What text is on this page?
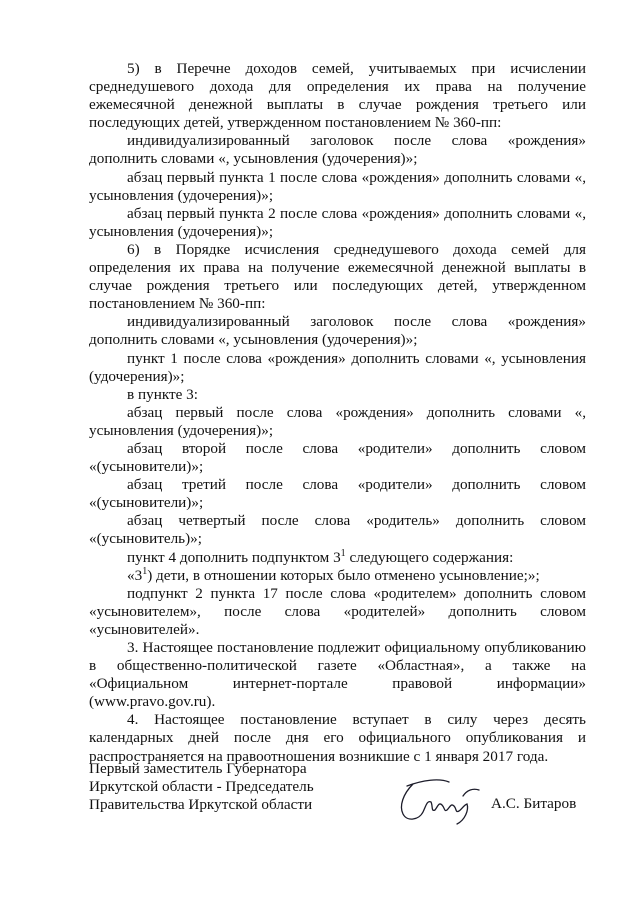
5) в Перечне доходов семей, учитываемых при исчислении среднедушевого дохода для определения их права на получение ежемесячной денежной выплаты в случае рождения третьего или последующих детей, утвержденном постановлением № 360-пп:

индивидуализированный заголовок после слова «рождения» дополнить словами «, усыновления (удочерения)»;

абзац первый пункта 1 после слова «рождения» дополнить словами «, усыновления (удочерения)»;

абзац первый пункта 2 после слова «рождения» дополнить словами «, усыновления (удочерения)»;

6) в Порядке исчисления среднедушевого дохода семей для определения их права на получение ежемесячной денежной выплаты в случае рождения третьего или последующих детей, утвержденном постановлением № 360-пп:

индивидуализированный заголовок после слова «рождения» дополнить словами «, усыновления (удочерения)»;

пункт 1 после слова «рождения» дополнить словами «, усыновления (удочерения)»;

в пункте 3:

абзац первый после слова «рождения» дополнить словами «, усыновления (удочерения)»;

абзац второй после слова «родители» дополнить словом «(усыновители)»;

абзац третий после слова «родители» дополнить словом «(усыновители)»;

абзац четвертый после слова «родитель» дополнить словом «(усыновитель)»;

пункт 4 дополнить подпунктом $3^1$ следующего содержания:

«$3^1$) дети, в отношении которых было отменено усыновление;»;

подпункт 2 пункта 17 после слова «родителем» дополнить словом «усыновителем», после слова «родителей» дополнить словом «усыновителей».

3. Настоящее постановление подлежит официальному опубликованию в общественно-политической газете «Областная», а также на «Официальном интернет-портале правовой информации» (www.pravo.gov.ru).

4. Настоящее постановление вступает в силу через десять календарных дней после дня его официального опубликования и распространяется на правоотношения возникшие с 1 января 2017 года.

Первый заместитель Губернатора

Иркутской области - Председатель

Правительства Иркутской области	А.С. Битаров
